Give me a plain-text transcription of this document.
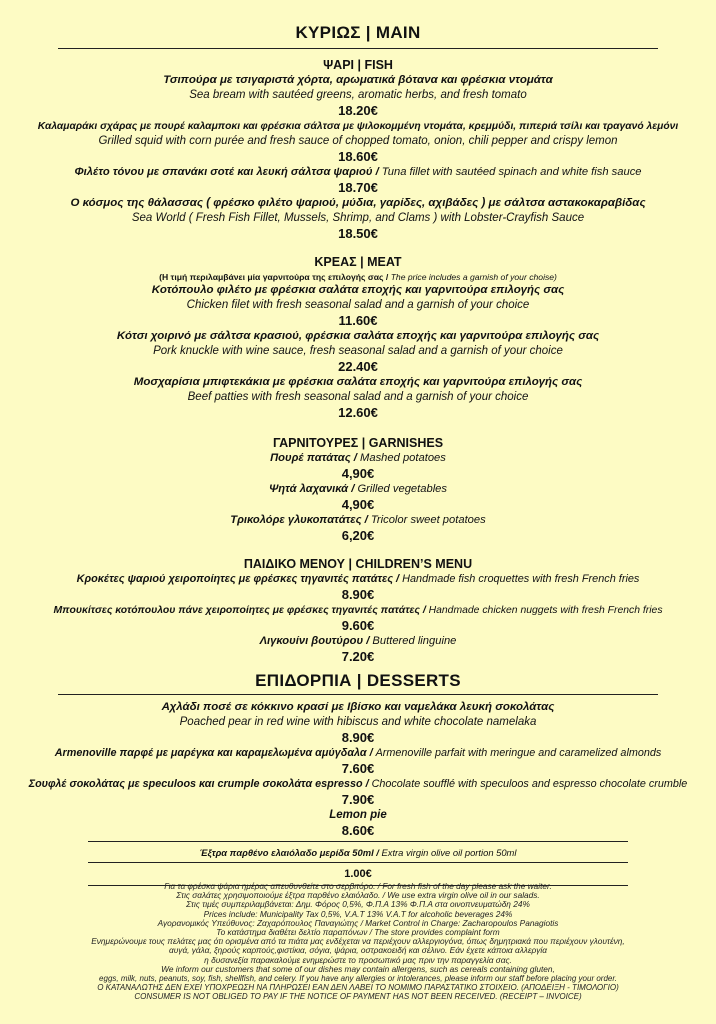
ΚΥΡΙΩΣ | MAIN

ΨΑΡΙ | FISH

Τσιπούρα με τσιγαριστά χόρτα, αρωματικά βότανα και φρέσκια ντομάτα

Sea bream with sautéed greens, aromatic herbs, and fresh tomato

18.20€

Καλαμαράκι σχάρας με πουρέ καλαμποκι και φρέσκια σάλτσα με ψιλοκομμένη ντομάτα, κρεμμύδι, πιπεριά τσίλι και τραγανό λεμόνι

Grilled squid with corn purée and fresh sauce of chopped tomato, onion, chili pepper and crispy lemon

18.60€

Φιλέτο τόνου με σπανάκι σοτέ και λευκή σάλτσα ψαριού / Tuna fillet with sautéed spinach and white fish sauce

18.70€

Ο κόσμος της θάλασσας ( φρέσκο φιλέτο ψαριού, μύδια, γαρίδες, αχιβάδες ) με σάλτσα αστακοκαραβίδας

Sea World ( Fresh Fish Fillet, Mussels, Shrimp, and Clams ) with Lobster-Crayfish Sauce

18.50€

ΚΡΕΑΣ | MEAT

(Η τιμή περιλαμβάνει μία γαρνιτούρα της επιλογής σας / The price includes a garnish of your choise)

Κοτόπουλο φιλέτο με φρέσκια σαλάτα εποχής και γαρνιτούρα επιλογής σας

Chicken filet with fresh seasonal salad and a garnish of your choice

11.60€

Κότσι χοιρινό με σάλτσα κρασιού, φρέσκια σαλάτα εποχής και γαρνιτούρα επιλογής σας

Pork knuckle with wine sauce, fresh seasonal salad and a garnish of your choice

22.40€

Μοσχαρίσια μπιφτεκάκια με φρέσκια σαλάτα εποχής και γαρνιτούρα επιλογής σας

Beef patties with fresh seasonal salad and a garnish of your choice

12.60€

ΓΑΡΝΙΤΟΥΡΕΣ | GARNISHES

Πουρέ πατάτας / Mashed potatoes

4,90€

Ψητά λαχανικά / Grilled vegetables

4,90€

Τρικολόρε γλυκοπατάτες / Tricolor sweet potatoes

6,20€

ΠΑΙΔΙΚΟ ΜΕΝΟΥ | CHILDREN’S MENU

Κροκέτες ψαριού χειροποίητες με φρέσκες τηγανιτές πατάτες / Handmade fish croquettes with fresh French fries

8.90€

Μπουκίτσες κοτόπουλου πάνε χειροποίητες με φρέσκες τηγανιτές πατάτες / Handmade chicken nuggets with fresh French fries

9.60€

Λιγκουίνι βουτύρου / Buttered linguine

7.20€

ΕΠΙΔΟΡΠΙΑ | DESSERTS

Αχλάδι ποσέ σε κόκκινο κρασί με Ιβίσκο και ναμελάκα λευκή σοκολάτας

Poached pear in red wine with hibiscus and white chocolate namelaka

8.90€

Armenoville παρφέ με μαρέγκα και καραμελωμένα αμύγδαλα / Armenoville parfait with meringue and caramelized almonds

7.60€

Σουφλέ σοκολάτας με speculoos και crumple σοκολάτα espresso / Chocolate soufflé with speculoos and espresso chocolate crumble

7.90€

Lemon pie

8.60€

Έξτρα παρθένο ελαιόλαδο μερίδα 50ml / Extra virgin olive oil portion 50ml

1.00€

Για τα φρέσκα ψάρια ημέρας απευθυνθείτε στο σερβιτόρο. / For fresh fish of the day please ask the waiter.

Στις σαλάτες χρησιμοποιούμε έξτρα παρθένο ελαιόλαδο. / We use extra virgin olive oil in our salads.

Στις τιμές συμπεριλαμβάνεται: Δημ. Φόρος 0,5%, Φ.Π.Α 13% Φ.Π.Α στα οινοπνευματώδη 24%

Prices include: Municipality Tax 0,5%, V.A.T 13% V.A.T for alcoholic beverages 24%

Αγορανομικός Υπεύθυνος: Ζαχαρόπουλος Παναγιώτης / Market Control in Charge: Zacharopoulos Panagiotis

Το κατάστημα διαθέτει δελτίο παραπόνων / The store provides complaint form

Ενημερώνουμε τους πελάτες μας ότι ορισμένα από τα πιάτα μας ενδέχεται να περιέχουν αλλεργιογόνα, όπως δημητριακά που περιέχουν γλουτένη,

αυγά, γάλα, ξηρούς καρπούς,φιστίκια, σόγια, ψάρια, οστρακοειδή και σέλινο. Εάν έχετε κάποια αλλεργία

η δυσανεξία παρακαλούμε ενημερώστε το προσωπικό μας πριν την παραγγελία σας.

We inform our customers that some of our dishes may contain allergens, such as cereals containing gluten,

eggs, milk, nuts, peanuts, soy, fish, shellfish, and celery. If you have any allergies or intolerances, please inform our staff before placing your order.

Ο ΚΑΤΑΝΑΛΩΤΗΣ ΔΕΝ ΕΧΕΙ ΥΠΟΧΡΕΩΣΗ ΝΑ ΠΛΗΡΩΣΕΙ ΕΑΝ ΔΕΝ ΛΑΒΕΙ ΤΟ ΝΟΜΙΜΟ ΠΑΡΑΣΤΑΤΙΚΟ ΣΤΟΙΧΕΙΟ. (ΑΠΟΔΕΙΞΗ - ΤΙΜΟΛΟΓΙΟ)

CONSUMER IS NOT OBLIGED TO PAY IF THE NOTICE OF PAYMENT HAS NOT BEEN RECEIVED. (RECEIPT – INVOICE)
